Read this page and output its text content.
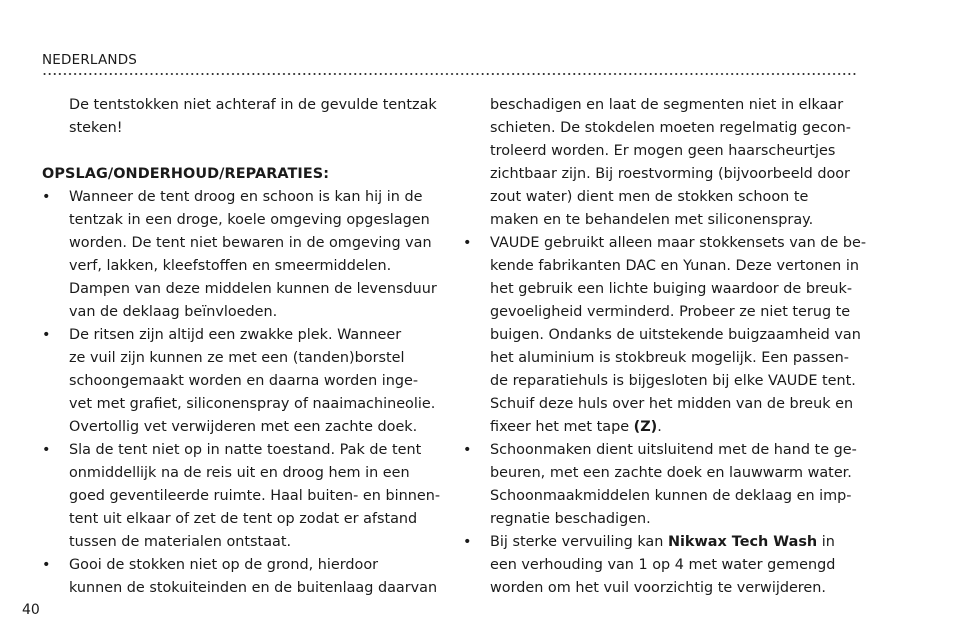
NEDERLANDS
De tentstokken niet achteraf in de gevulde tentzak
steken!
OPSLAG/ONDERHOUD/REPARATIES:
•
Wanneer de tent droog en schoon is kan hij in de
tentzak in een droge, koele omgeving opgeslagen
worden. De tent niet bewaren in de omgeving van
verf, lakken, kleefstoffen en smeermiddelen.
Dampen van deze middelen kunnen de levensduur
van de deklaag beïnvloeden.
•
De ritsen zijn altijd een zwakke plek. Wanneer
ze vuil zijn kunnen ze met een (tanden)borstel
schoongemaakt worden en daarna worden inge-
vet met grafiet, siliconenspray of naaimachineolie.
Overtollig vet verwijderen met een zachte doek.
•
Sla de tent niet op in natte toestand. Pak de tent
onmiddellijk na de reis uit en droog hem in een
goed geventileerde ruimte. Haal buiten- en binnen-
tent uit elkaar of zet de tent op zodat er afstand
tussen de materialen ontstaat.
•
Gooi de stokken niet op de grond, hierdoor
kunnen de stokuiteinden en de buitenlaag daarvan
beschadigen en laat de segmenten niet in elkaar
schieten. De stokdelen moeten regelmatig gecon-
troleerd worden. Er mogen geen haarscheurtjes
zichtbaar zijn. Bij roestvorming (bijvoorbeeld door
zout water) dient men de stokken schoon te
maken en te behandelen met siliconenspray.
•
VAUDE gebruikt alleen maar stokkensets van de be-
kende fabrikanten DAC en Yunan. Deze vertonen in
het gebruik een lichte buiging waardoor de breuk-
gevoeligheid verminderd. Probeer ze niet terug te
buigen. Ondanks de uitstekende buigzaamheid van
het aluminium is stokbreuk mogelijk. Een passen-
de reparatiehuls is bijgesloten bij elke VAUDE tent.
Schuif deze huls over het midden van de breuk en
fixeer het met tape (Z).
•
Schoonmaken dient uitsluitend met de hand te ge-
beuren, met een zachte doek en lauwwarm water.
Schoonmaakmiddelen kunnen de deklaag en imp-
regnatie beschadigen.
•
Bij sterke vervuiling kan Nikwax Tech Wash in
een verhouding van 1 op 4 met water gemengd
worden om het vuil voorzichtig te verwijderen.
40
